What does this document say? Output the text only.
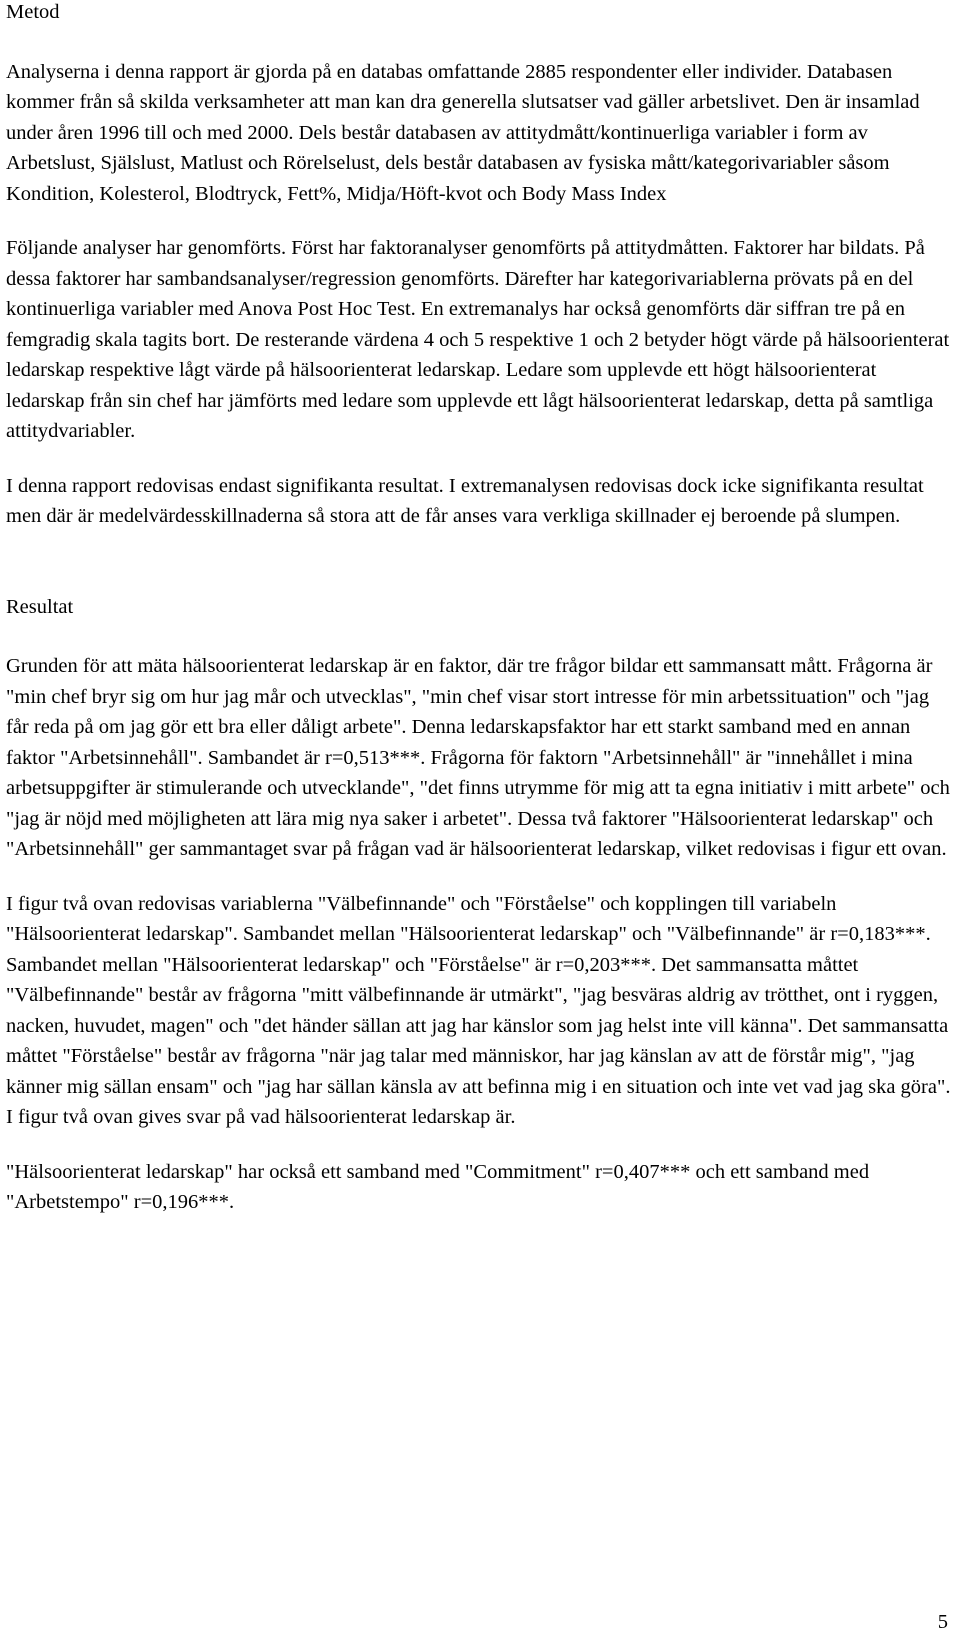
Metod

Analyserna i denna rapport är gjorda på en databas omfattande 2885 respondenter eller individer. Databasen kommer från så skilda verksamheter att man kan dra generella slutsatser vad gäller arbetslivet. Den är insamlad under åren 1996 till och med 2000. Dels består databasen av attitydmått/kontinuerliga variabler i form av Arbetslust, Själslust, Matlust och Rörelselust, dels består databasen av fysiska mått/kategorivariabler såsom Kondition, Kolesterol, Blodtryck, Fett%, Midja/Höft-kvot och Body Mass Index

Följande analyser har genomförts. Först har faktoranalyser genomförts på attitydmåtten. Faktorer har bildats. På dessa faktorer har sambandsanalyser/regression genomförts. Därefter har kategorivariablerna prövats på en del kontinuerliga variabler med Anova Post Hoc Test. En extremanalys har också genomförts där siffran tre på en femgradig skala tagits bort. De resterande värdena 4 och 5 respektive 1 och 2 betyder högt värde på hälsoorienterat ledarskap respektive lågt värde på hälsoorienterat ledarskap. Ledare som upplevde ett högt hälsoorienterat ledarskap från sin chef har jämförts med ledare som upplevde ett lågt hälsoorienterat ledarskap, detta på samtliga attitydvariabler.

I denna rapport redovisas endast signifikanta resultat. I extremanalysen redovisas dock icke signifikanta resultat men där är medelvärdesskillnaderna så stora att de får anses vara verkliga skillnader ej beroende på slumpen.

Resultat

Grunden för att mäta hälsoorienterat ledarskap är en faktor, där tre frågor bildar ett sammansatt mått. Frågorna är "min chef bryr sig om hur jag mår och utvecklas", "min chef visar stort intresse för min arbetssituation" och "jag får reda på om jag gör ett bra eller dåligt arbete". Denna ledarskapsfaktor har ett starkt samband med en annan faktor "Arbetsinnehåll". Sambandet är r=0,513***. Frågorna för faktorn "Arbetsinnehåll" är "innehållet i mina arbetsuppgifter är stimulerande och utvecklande", "det finns utrymme för mig att ta egna initiativ i mitt arbete" och "jag är nöjd med möjligheten att lära mig nya saker i arbetet". Dessa två faktorer "Hälsoorienterat ledarskap" och "Arbetsinnehåll" ger sammantaget svar på frågan vad är hälsoorienterat ledarskap, vilket redovisas i figur ett ovan.

I figur två ovan redovisas variablerna "Välbefinnande" och "Förståelse" och kopplingen till variabeln "Hälsoorienterat ledarskap". Sambandet mellan "Hälsoorienterat ledarskap" och "Välbefinnande" är r=0,183***. Sambandet mellan "Hälsoorienterat ledarskap" och "Förståelse" är r=0,203***. Det sammansatta måttet "Välbefinnande" består av frågorna "mitt välbefinnande är utmärkt", "jag besväras aldrig av trötthet, ont i ryggen, nacken, huvudet, magen" och "det händer sällan att jag har känslor som jag helst inte vill känna". Det sammansatta måttet "Förståelse" består av frågorna "när jag talar med människor, har jag känslan av att de förstår mig", "jag känner mig sällan ensam" och "jag har sällan känsla av att befinna mig i en situation och inte vet vad jag ska göra". I figur två ovan gives svar på vad hälsoorienterat ledarskap är.

"Hälsoorienterat ledarskap" har också ett samband med "Commitment" r=0,407*** och ett samband med "Arbetstempo" r=0,196***.

5
